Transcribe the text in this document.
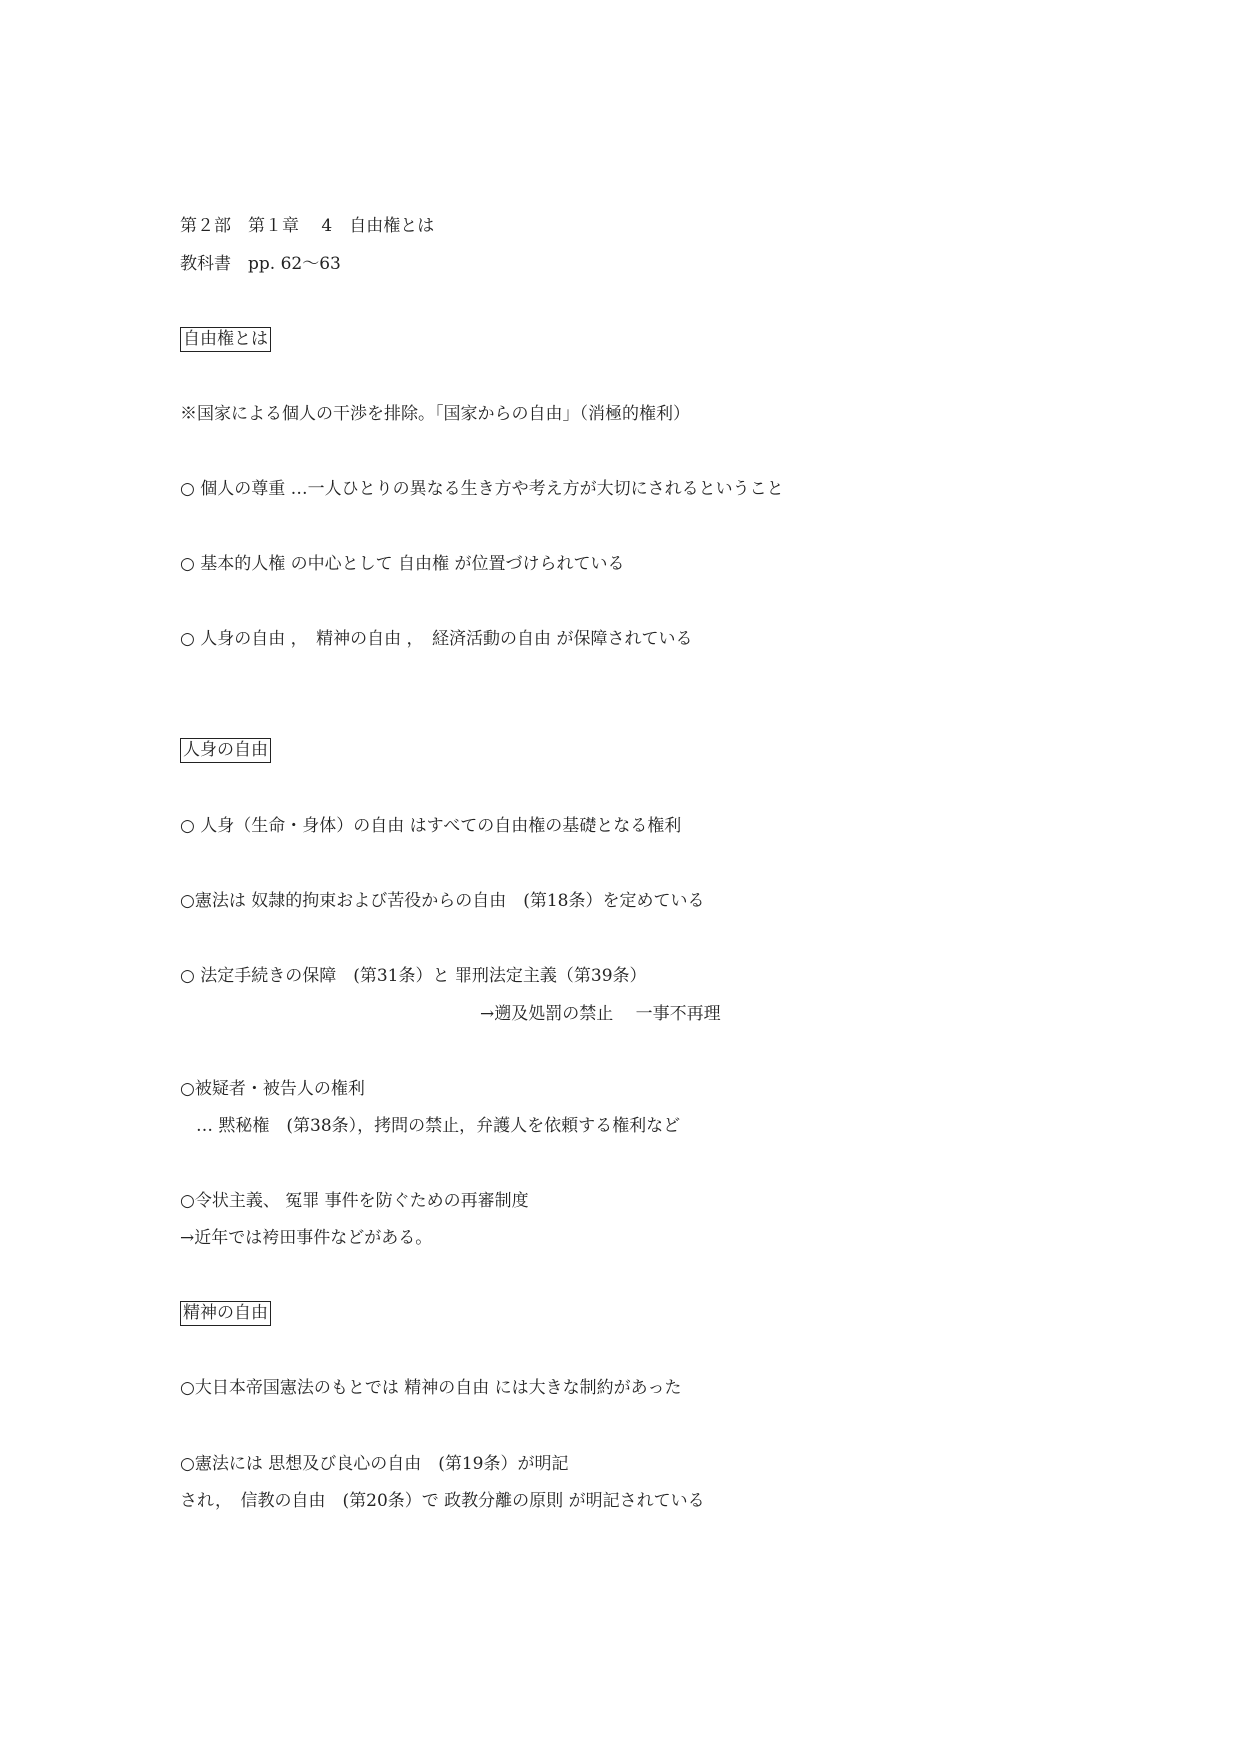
第２部　第１章　 4　自由権とは
教科書　pp. 62～63
自由権とは
※国家による個人の干渉を排除。「国家からの自由」（消極的権利）
○ 個人の尊重 …一人ひとりの異なる生き方や考え方が大切にされるということ
○ 基本的人権 の中心として 自由権 が位置づけられている
○ 人身の自由 ，　精神の自由 ，　経済活動の自由 が保障されている
人身の自由
○ 人身（生命・身体）の自由 はすべての自由権の基礎となる権利
○憲法は 奴隷的拘束および苦役からの自由　(第18条）を定めている
○ 法定手続きの保障　(第31条）と 罪刑法定主義（第39条）
→遡及処罰の禁止　 一事不再理
○被疑者・被告人の権利
… 黙秘権　(第38条），拷問の禁止，弁護人を依頼する権利など
○令状主義、 冤罪 事件を防ぐための再審制度
→近年では袴田事件などがある。
精神の自由
○大日本帝国憲法のもとでは 精神の自由 には大きな制約があった
○憲法には 思想及び良心の自由　(第19条）が明記
され，　信教の自由　(第20条）で 政教分離の原則 が明記されている
